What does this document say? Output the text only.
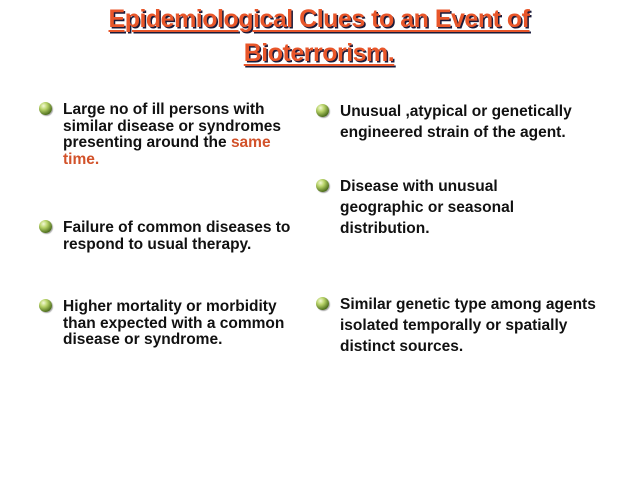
Epidemiological Clues to an Event of
Bioterrorism.
Large no of ill persons with similar disease or syndromes presenting around the same time.
Failure of common diseases to respond to usual therapy.
Higher mortality or morbidity than expected with a common disease or syndrome.
Unusual ,atypical or genetically engineered strain of the agent.
Disease with unusual geographic or seasonal distribution.
Similar genetic type among agents isolated temporally or spatially distinct sources.
